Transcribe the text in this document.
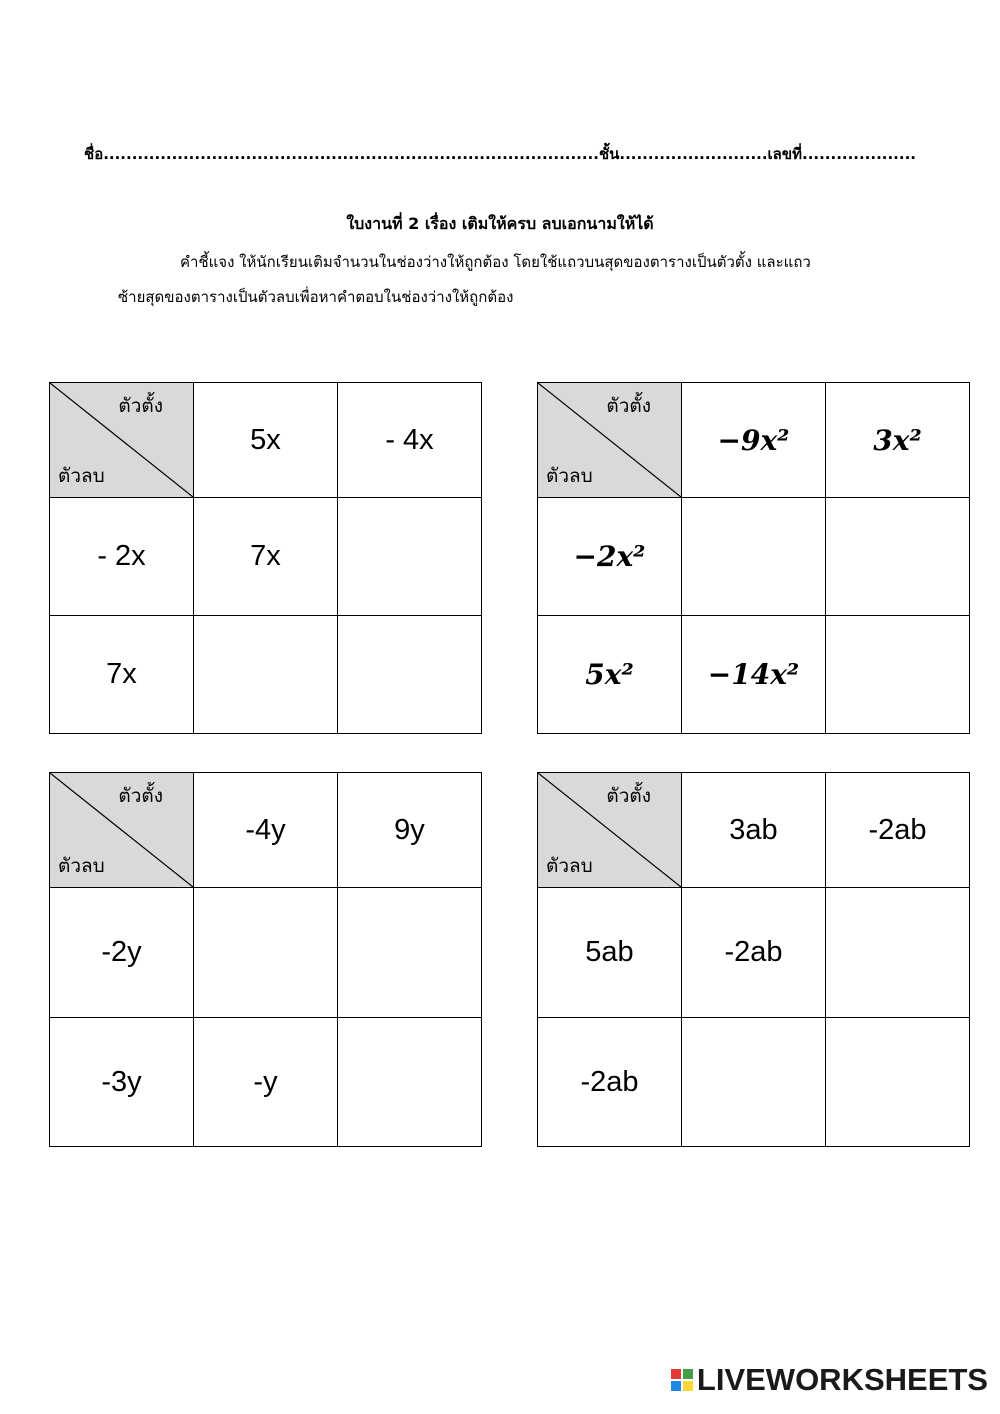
ชื่อ.......................................................................................ชั้น..........................เลขที่....................
ใบงานที่ 2 เรื่อง เติมให้ครบ ลบเอกนามให้ได้
คำชี้แจง ให้นักเรียนเติมจำนวนในช่องว่างให้ถูกต้อง โดยใช้แถวบนสุดของตารางเป็นตัวตั้ง และแถว
ซ้ายสุดของตารางเป็นตัวลบเพื่อหาคำตอบในช่องว่างให้ถูกต้อง
ตัวตั้ง
ตัวลบ	5x	- 4x
- 2x	7x	
7x		
ตัวตั้ง
ตัวลบ	−9x²	3x²
−2x²		
5x²	−14x²	
ตัวตั้ง
ตัวลบ	-4y	9y
-2y		
-3y	-y	
ตัวตั้ง
ตัวลบ	3ab	-2ab
5ab	-2ab	
-2ab		
LIVEWORKSHEETS
